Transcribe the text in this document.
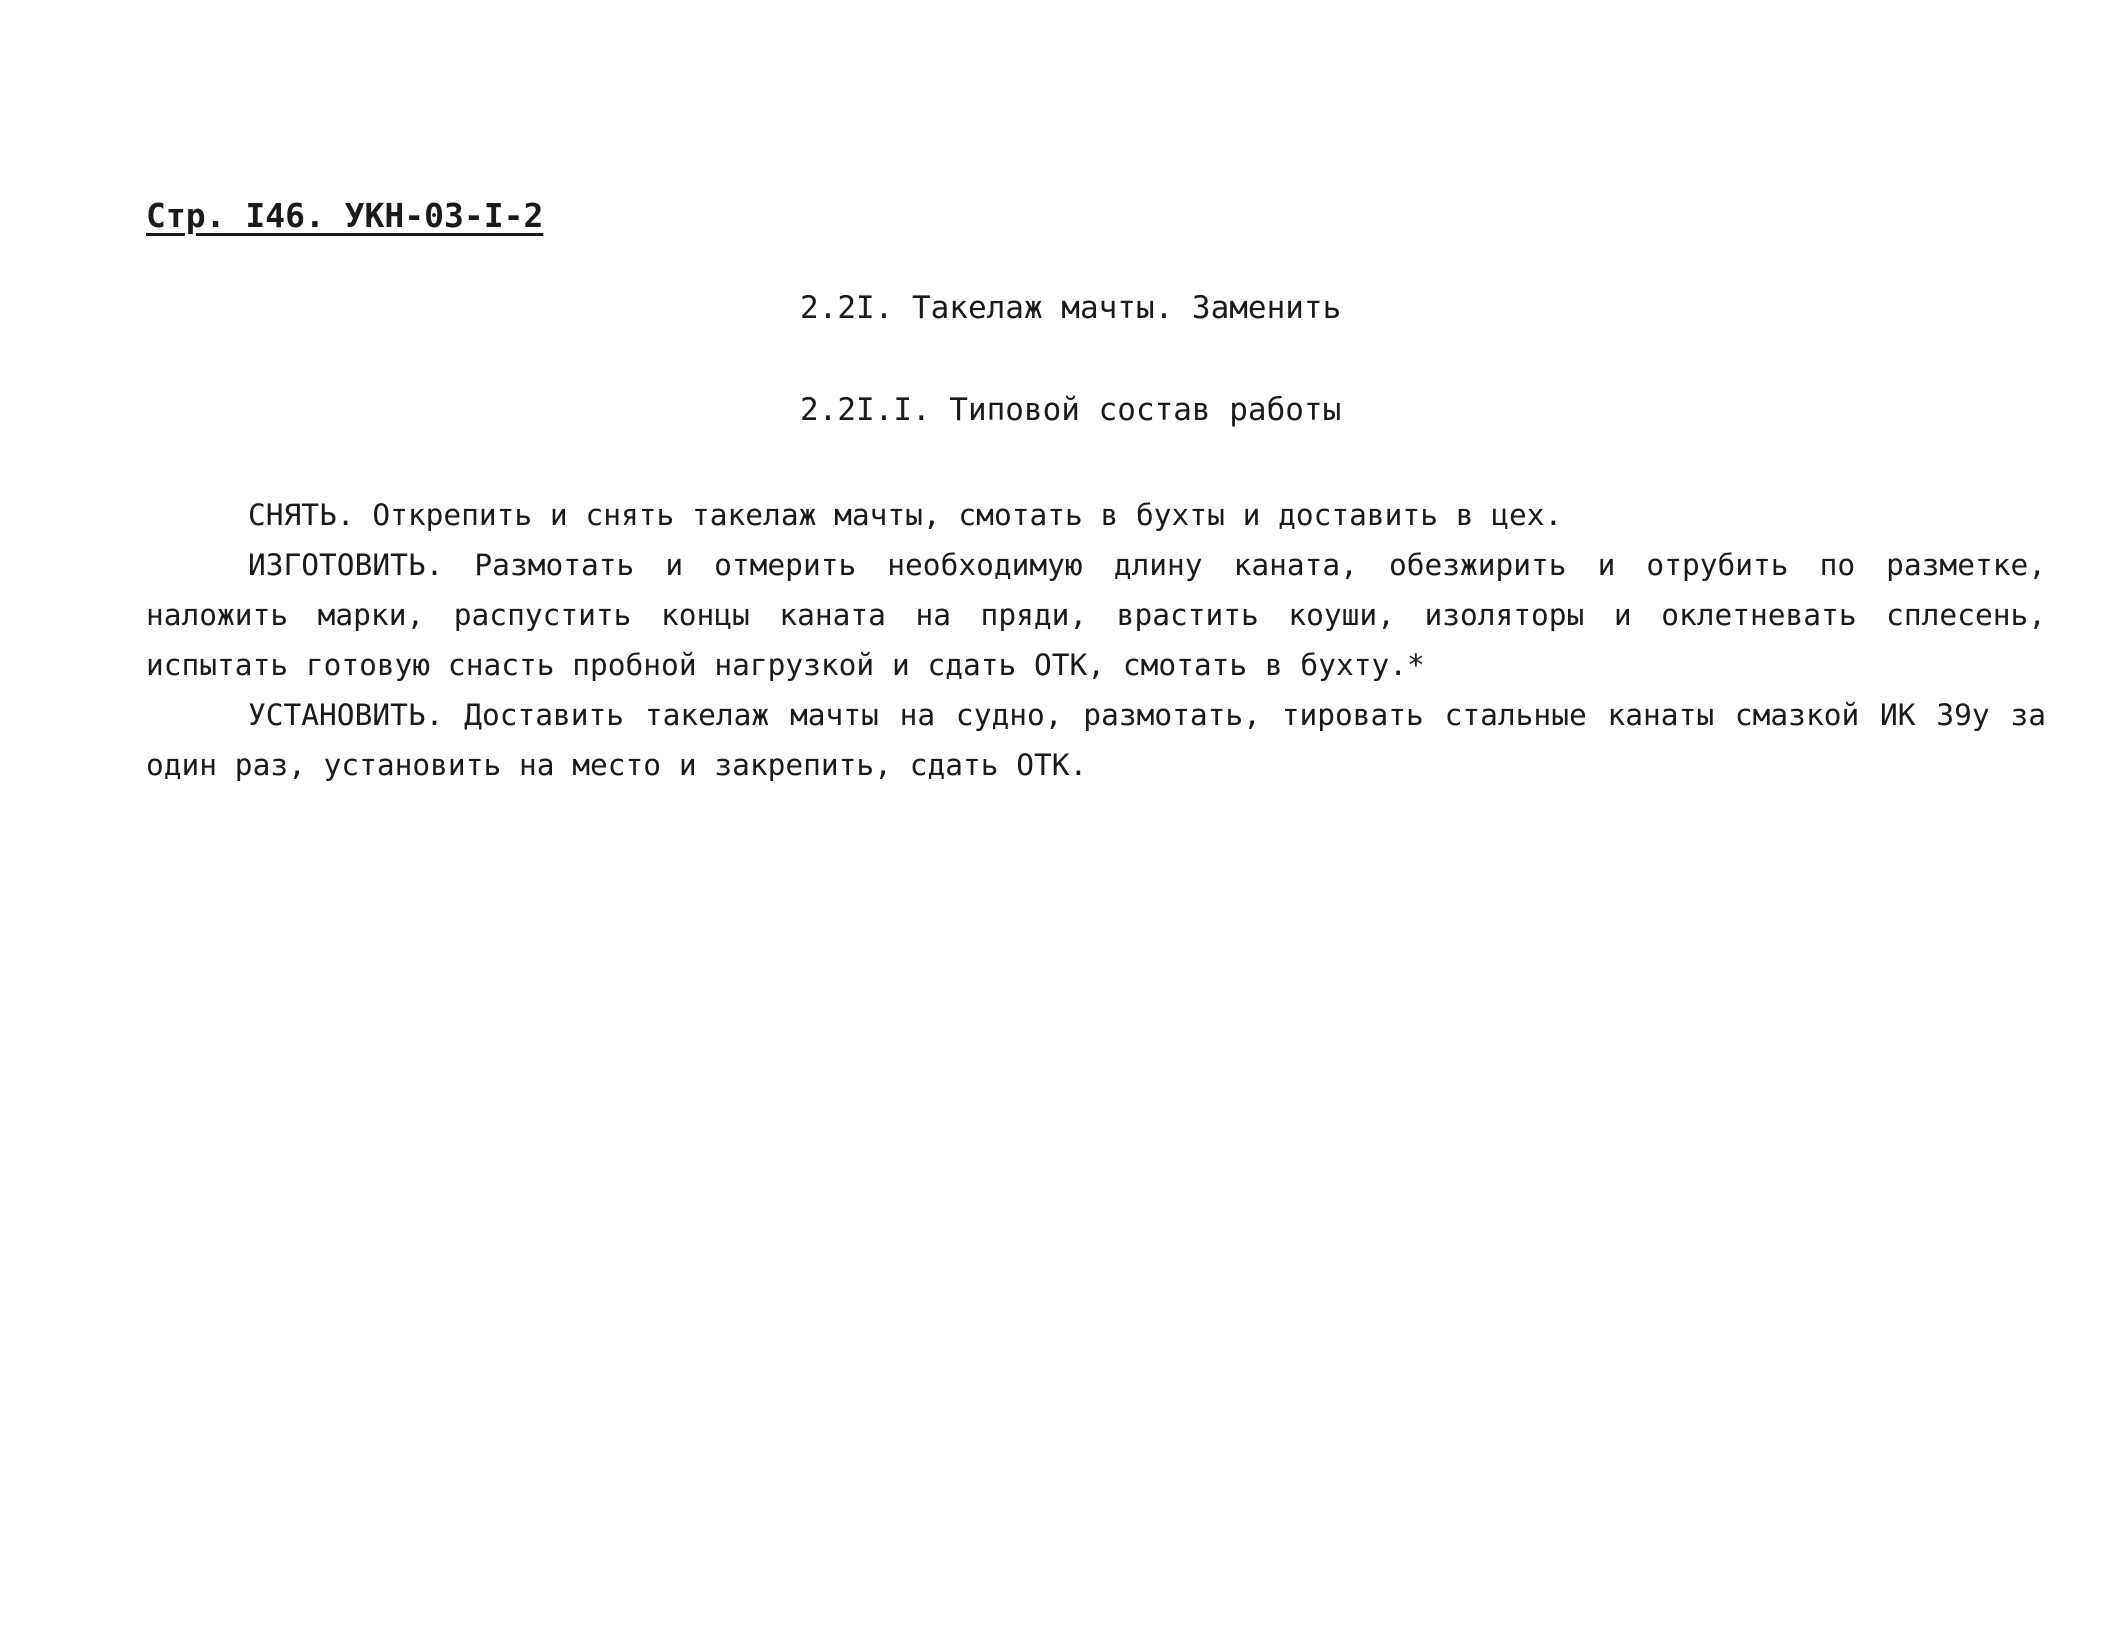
Стр. I46. УКН-03-I-2
2.2I. Такелаж мачты. Заменить
2.2I.I. Типовой состав работы

СНЯТЬ. Открепить и снять такелаж мачты, смотать в бухты и доставить в цех.

ИЗГОТОВИТЬ. Размотать и отмерить необходимую длину каната, обезжирить и отрубить по разметке, наложить марки, распустить концы каната на пряди, врастить коуши, изоляторы и оклетневать сплесень, испытать готовую снасть пробной нагрузкой и сдать ОТК, смотать в бухту.*

УСТАНОВИТЬ. Доставить такелаж мачты на судно, размотать, тировать стальные канаты смазкой ИК 39у за один раз, установить на место и закрепить, сдать ОТК.
